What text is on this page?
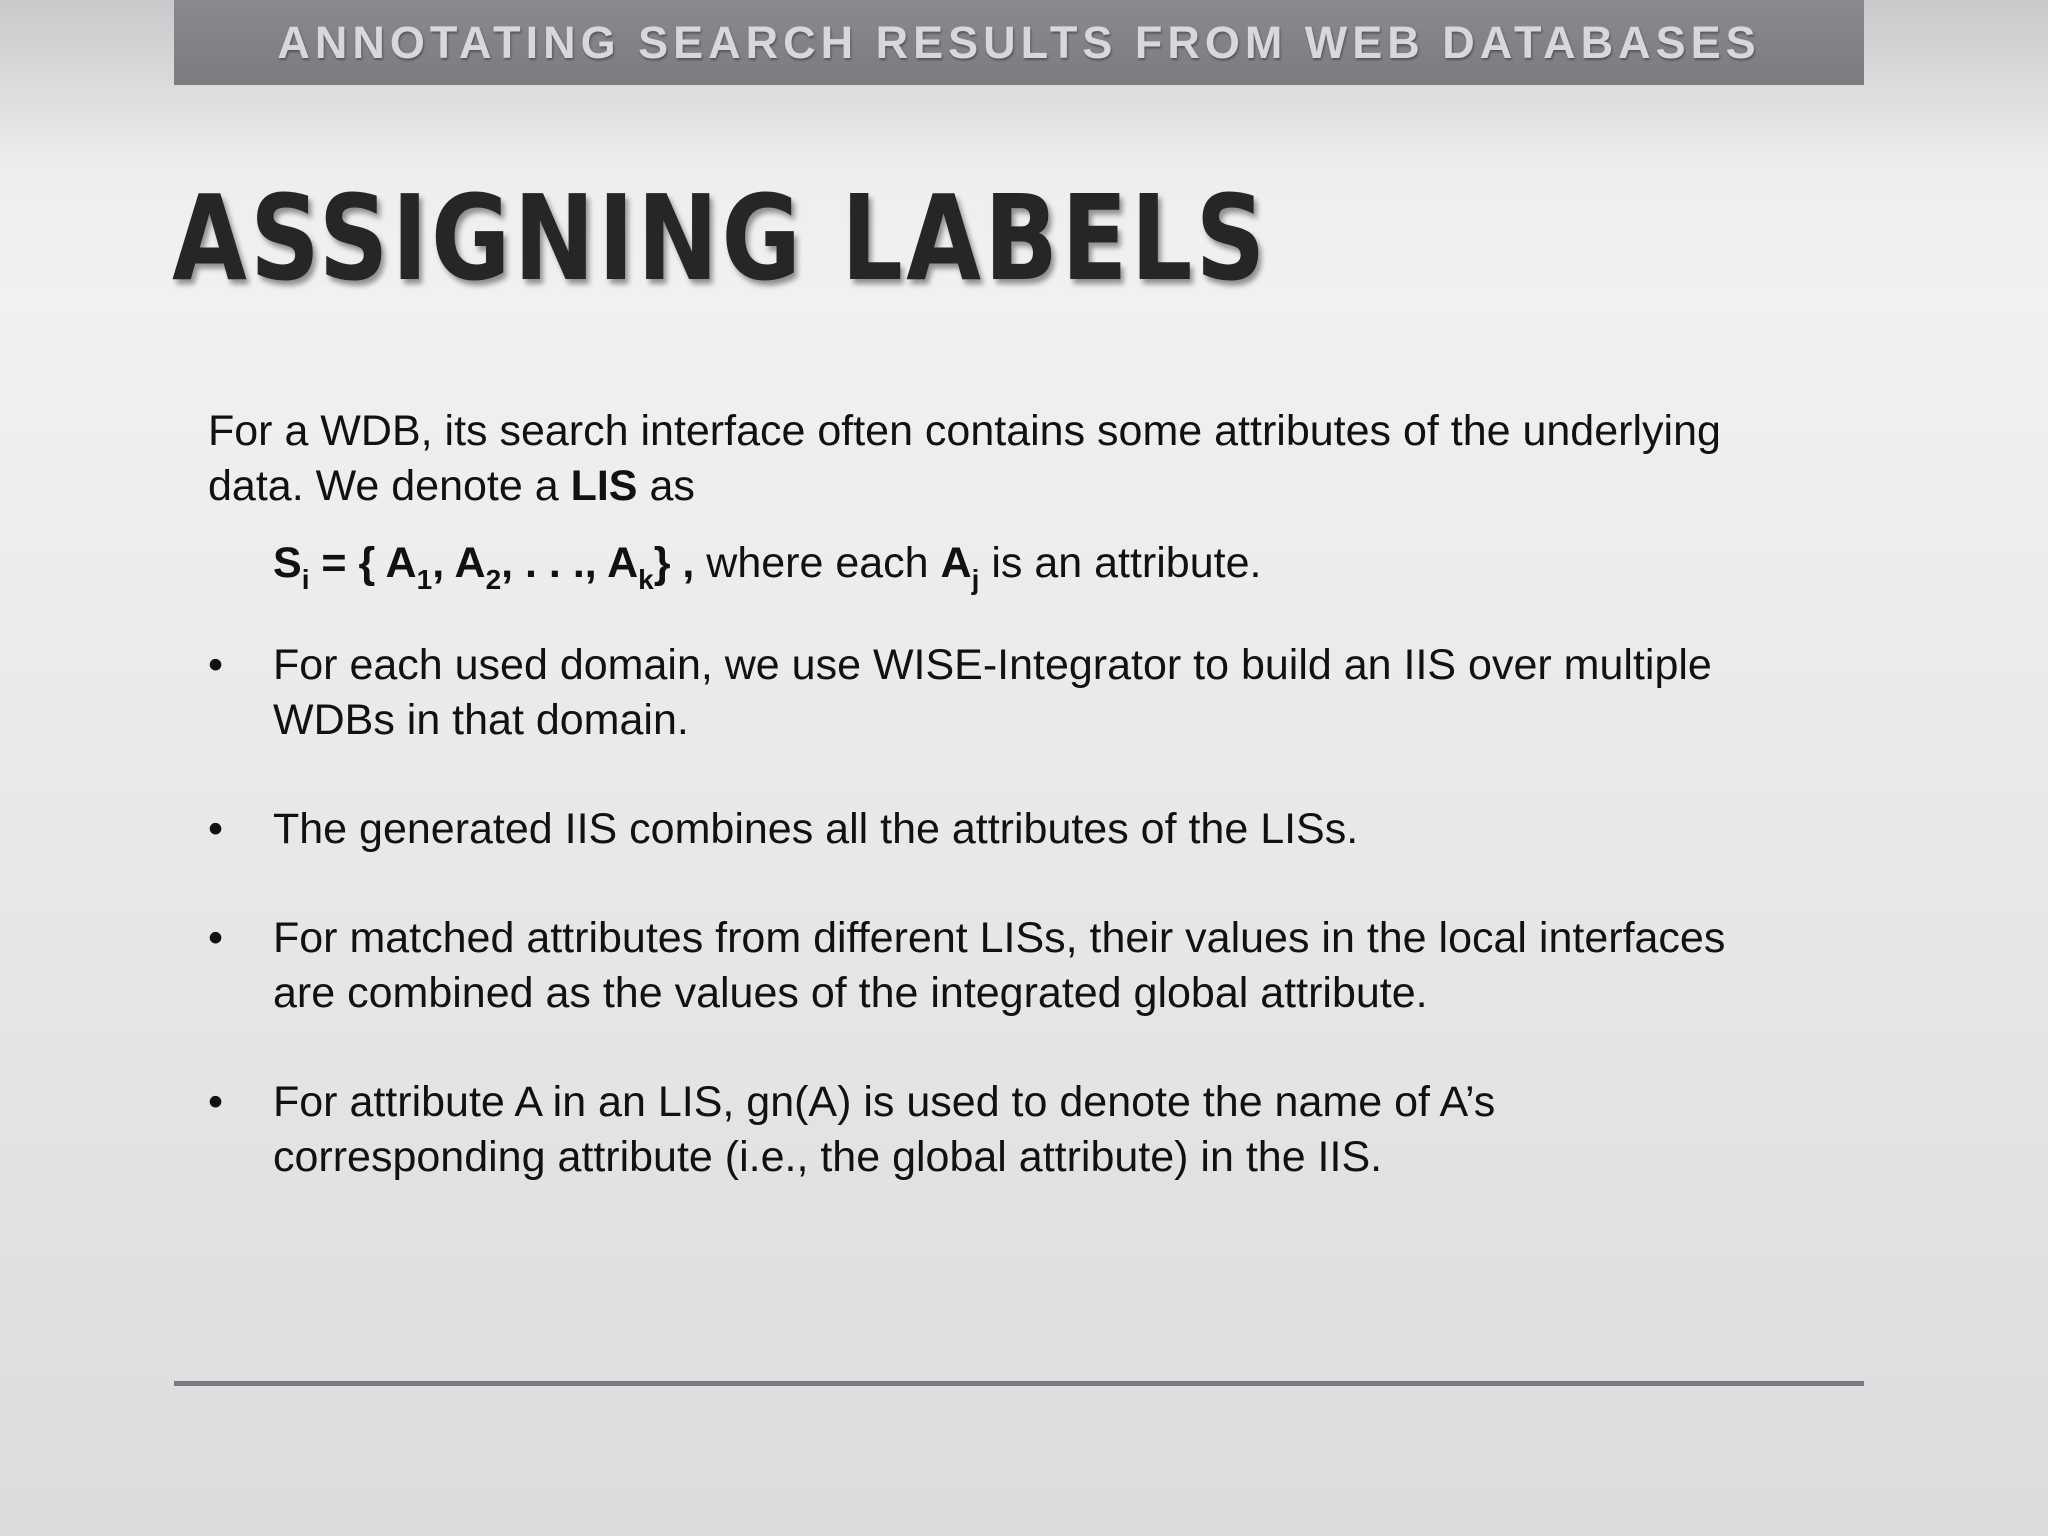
ANNOTATING SEARCH RESULTS FROM WEB DATABASES
ASSIGNING LABELS

For a WDB, its search interface often contains some attributes of the underlying
data. We denote a LIS as

$S_i$ = { $A_1$, $A_2$, . . ., $A_k$} , where each $A_j$ is an attribute.

•	For each used domain, we use WISE-Integrator to build an IIS over multiple
WDBs in that domain.
•	The generated IIS combines all the attributes of the LISs.
•	For matched attributes from different LISs, their values in the local interfaces
are combined as the values of the integrated global attribute.
•	For attribute A in an LIS, gn(A) is used to denote the name of A’s
corresponding attribute (i.e., the global attribute) in the IIS.
